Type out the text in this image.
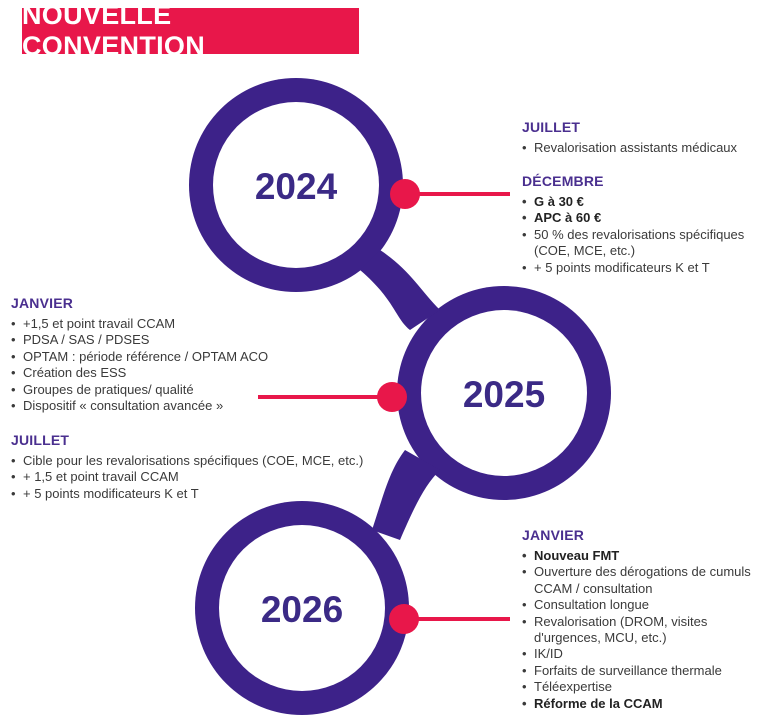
NOUVELLE CONVENTION
2024
2025
2026
JUILLET
• Revalorisation assistants médicaux
DÉCEMBRE
• G à 30 €
• APC à 60 €
• 50 % des revalorisations spécifiques (COE, MCE, etc.)
• + 5 points modificateurs K et T
JANVIER
• +1,5 et point travail CCAM
• PDSA / SAS / PDSES
• OPTAM : période référence / OPTAM ACO
• Création des ESS
• Groupes de pratiques/ qualité
• Dispositif « consultation avancée »
JUILLET
• Cible pour les revalorisations spécifiques (COE, MCE, etc.)
• + 1,5 et point travail CCAM
• + 5 points modificateurs K et T
JANVIER
• Nouveau FMT
• Ouverture des dérogations de cumuls CCAM / consultation
• Consultation longue
• Revalorisation (DROM, visites d'urgences, MCU, etc.)
• IK/ID
• Forfaits de surveillance thermale
• Téléexpertise
• Réforme de la CCAM
